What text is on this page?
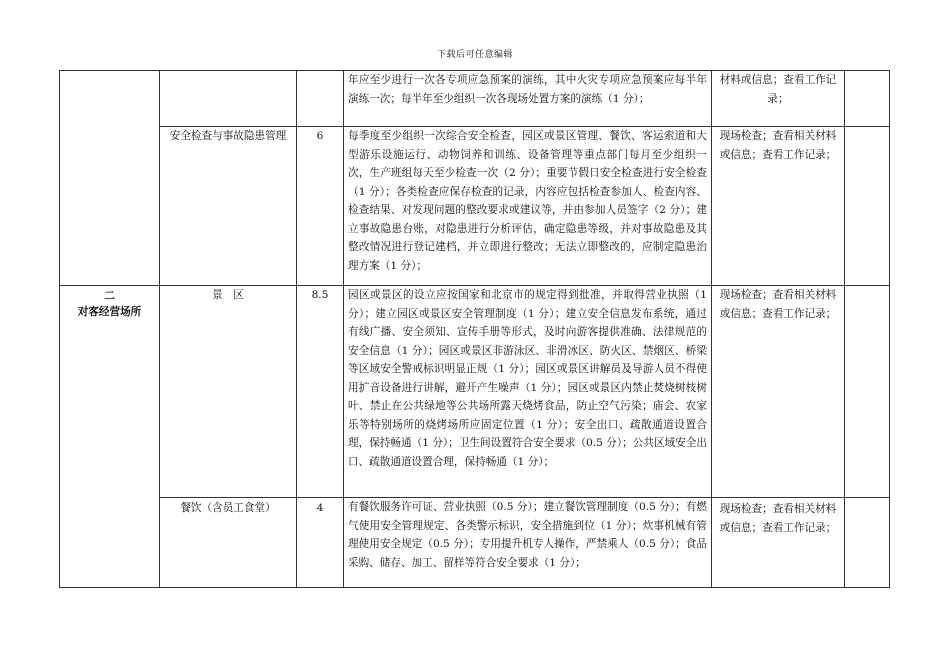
下载后可任意编辑
			年应至少进行一次各专项应急预案的演练，其中火灾专项应急预案应每半年演练一次；每半年至少组织一次各现场处置方案的演练（1 分）；	材料或信息；查看工作记录；	
	安全检查与事故隐患管理	6	每季度至少组织一次综合安全检查，园区或景区管理、餐饮、客运索道和大型游乐设施运行、动物饲养和训练、设备管理等重点部门每月至少组织一次，生产班组每天至少检查一次（2 分）；重要节假日安全检查进行安全检查（1 分）；各类检查应保存检查的记录，内容应包括检查参加人、检查内容、检查结果、对发现问题的整改要求或建议等，并由参加人员签字（2 分）；建立事故隐患台账，对隐患进行分析评估，确定隐患等级，并对事故隐患及其整改情况进行登记建档，并立即进行整改；无法立即整改的，应制定隐患治理方案（1 分）；	现场检查；查看相关材料或信息；查看工作记录；	

二
对客经营场所	景　区	8.5	园区或景区的设立应按国家和北京市的规定得到批准，并取得营业执照（1 分）；建立园区或景区安全管理制度（1 分）；建立安全信息发布系统，通过有线广播、安全须知、宣传手册等形式，及时向游客提供准确、法律规范的安全信息（1 分）；园区或景区非游泳区、非滑冰区、防火区、禁烟区、桥梁等区域安全警戒标识明显正规（1 分）；园区或景区讲解员及导游人员不得使用扩音设备进行讲解，避开产生噪声（1 分）；园区或景区内禁止焚烧树枝树叶、禁止在公共绿地等公共场所露天烧烤食品，防止空气污染；庙会、农家乐等特别场所的烧烤场所应固定位置（1 分）；安全出口、疏散通道设置合理，保持畅通（1 分）；卫生间设置符合安全要求（0.5 分）；公共区域安全出口、疏散通道设置合理，保持畅通（1 分）；	现场检查；查看相关材料或信息；查看工作记录；	
	餐饮（含员工食堂）	4	有餐饮服务许可证、营业执照（0.5 分）；建立餐饮管理制度（0.5 分）；有燃气使用安全管理规定、各类警示标识，安全措施到位（1 分）；炊事机械有管理使用安全规定（0.5 分）；专用提升机专人操作，严禁乘人（0.5 分）；食品采购、储存、加工、留样等符合安全要求（1 分）；	现场检查；查看相关材料或信息；查看工作记录；	
